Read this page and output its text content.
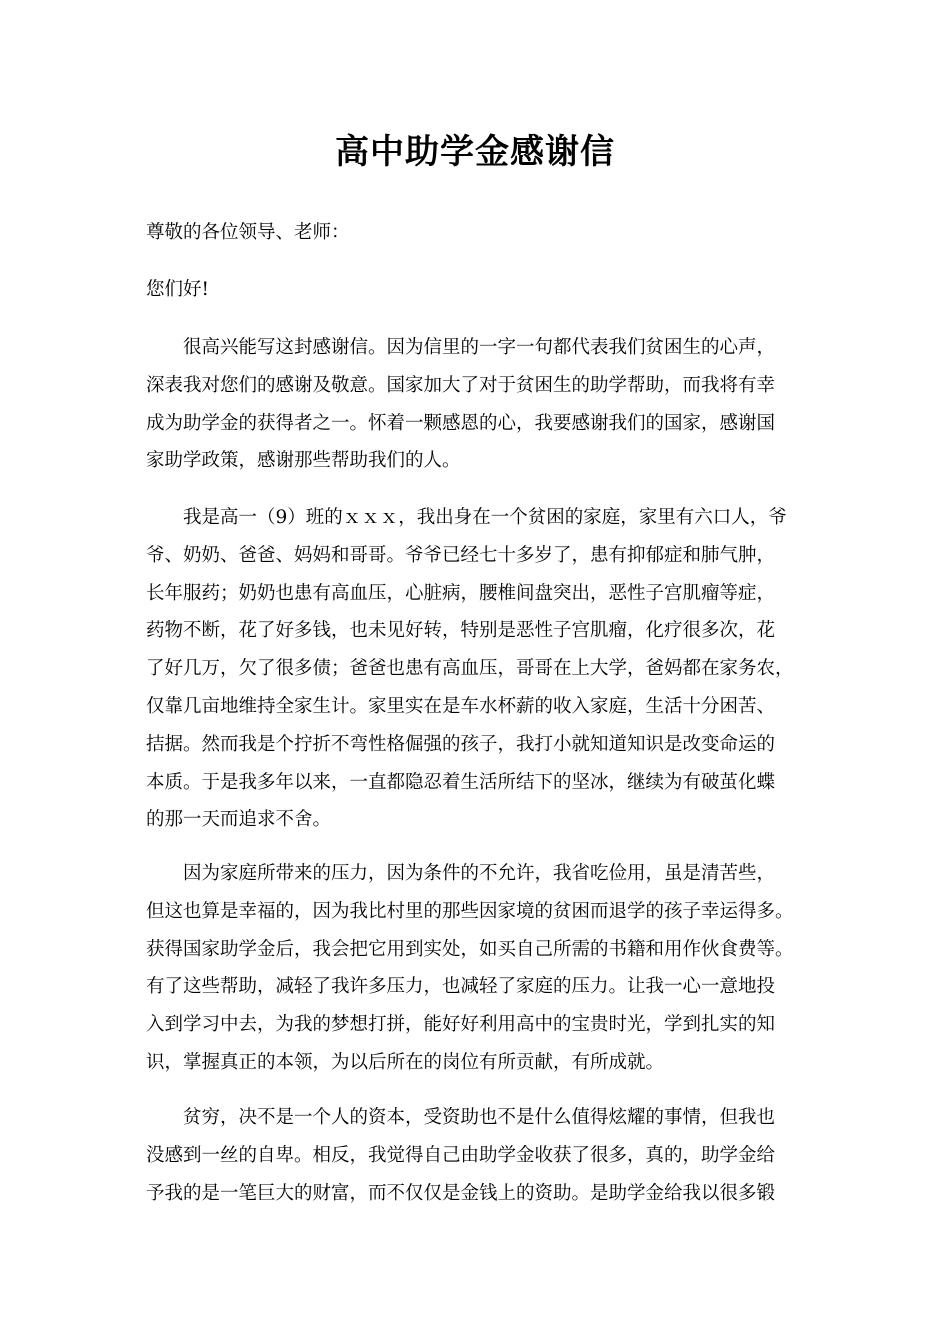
高中助学金感谢信

尊敬的各位领导、老师：

您们好!

　　很高兴能写这封感谢信。因为信里的一字一句都代表我们贫困生的心声，
深表我对您们的感谢及敬意。国家加大了对于贫困生的助学帮助，而我将有幸
成为助学金的获得者之一。怀着一颗感恩的心，我要感谢我们的国家，感谢国
家助学政策，感谢那些帮助我们的人。
　　我是高一（9）班的ｘｘｘ，我出身在一个贫困的家庭，家里有六口人，爷
爷、奶奶、爸爸、妈妈和哥哥。爷爷已经七十多岁了，患有抑郁症和肺气肿，
长年服药；奶奶也患有高血压，心脏病，腰椎间盘突出，恶性子宫肌瘤等症，
药物不断，花了好多钱，也未见好转，特别是恶性子宫肌瘤，化疗很多次，花
了好几万，欠了很多债；爸爸也患有高血压，哥哥在上大学，爸妈都在家务农，
仅靠几亩地维持全家生计。家里实在是车水杯薪的收入家庭，生活十分困苦、
拮据。然而我是个拧折不弯性格倔强的孩子，我打小就知道知识是改变命运的
本质。于是我多年以来，一直都隐忍着生活所结下的坚冰，继续为有破茧化蝶
的那一天而追求不舍。
　　因为家庭所带来的压力，因为条件的不允许，我省吃俭用，虽是清苦些，
但这也算是幸福的，因为我比村里的那些因家境的贫困而退学的孩子幸运得多。
获得国家助学金后，我会把它用到实处，如买自己所需的书籍和用作伙食费等。
有了这些帮助，减轻了我许多压力，也减轻了家庭的压力。让我一心一意地投
入到学习中去，为我的梦想打拼，能好好利用高中的宝贵时光，学到扎实的知
识，掌握真正的本领，为以后所在的岗位有所贡献，有所成就。
　　贫穷，决不是一个人的资本，受资助也不是什么值得炫耀的事情，但我也
没感到一丝的自卑。相反，我觉得自己由助学金收获了很多，真的，助学金给
予我的是一笔巨大的财富，而不仅仅是金钱上的资助。是助学金给我以很多锻
